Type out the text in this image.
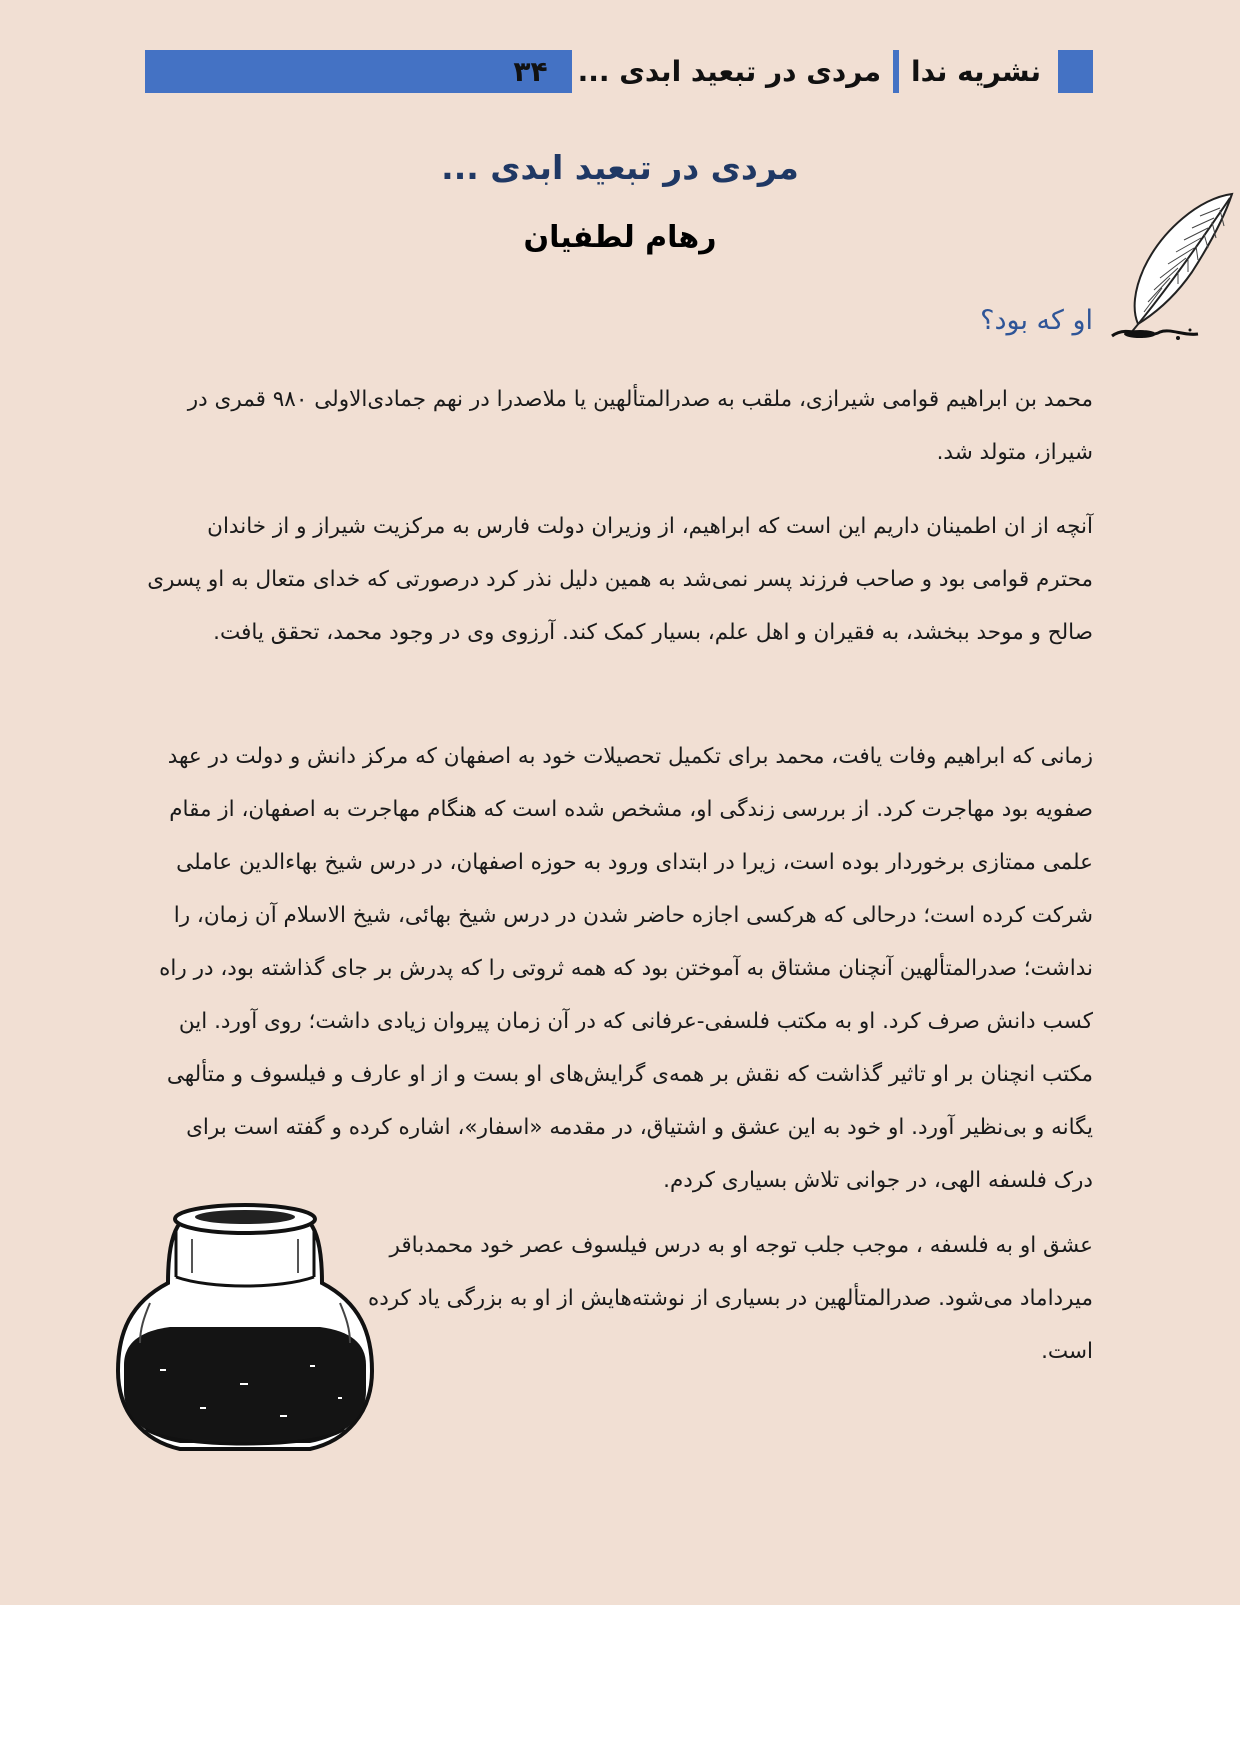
نشریه ندا
مردی در تبعید ابدی ...
۳۴
مردی در تبعید ابدی ...
رهام لطفیان
او که بود؟

محمد بن ابراهیم قوامی شیرازی، ملقب به صدرالمتألهین یا ملاصدرا در نهم جمادی‌الاولی ۹۸۰ قمری در شیراز، متولد شد.

آنچه از ان اطمینان داریم این است که ابراهیم، از وزیران دولت فارس به مرکزیت شیراز و از خاندان محترم قوامی بود و صاحب فرزند پسر نمی‌شد به همین دلیل نذر کرد درصورتی که خدای متعال به او پسری صالح و موحد ببخشد، به فقیران و اهل علم، بسیار کمک کند. آرزوی وی در وجود محمد، تحقق یافت.

زمانی که ابراهیم وفات یافت، محمد برای تکمیل تحصیلات خود به اصفهان که مرکز دانش و دولت در عهد صفویه بود مهاجرت کرد. از بررسی زندگی او، مشخص شده است که هنگام مهاجرت به اصفهان، از مقام علمی ممتازی برخوردار بوده است، زیرا در ابتدای ورود به حوزه اصفهان، در درس شیخ بهاءالدین عاملی شرکت کرده است؛ درحالی که هرکسی اجازه حاضر شدن در درس شیخ بهائی، شیخ الاسلام آن زمان، را نداشت؛ صدرالمتألهین آنچنان مشتاق به آموختن بود که همه ثروتی را که پدرش بر جای گذاشته بود، در راه کسب دانش صرف کرد. او به مکتب فلسفی-عرفانی که در آن زمان پیروان زیادی داشت؛ روی آورد. این مکتب انچنان بر او تاثیر گذاشت که نقش بر همه‌ی گرایش‌های او بست و از او عارف و فیلسوف و متألهی یگانه و بی‌نظیر آورد. او خود به این عشق و اشتیاق، در مقدمه «اسفار»، اشاره کرده و گفته است برای درک فلسفه الهی، در جوانی تلاش بسیاری کردم.

عشق او به فلسفه ، موجب جلب توجه او به درس فیلسوف عصر خود محمدباقر میرداماد می‌شود. صدرالمتألهین در بسیاری از نوشته‌هایش از او به بزرگی یاد کرده است.
